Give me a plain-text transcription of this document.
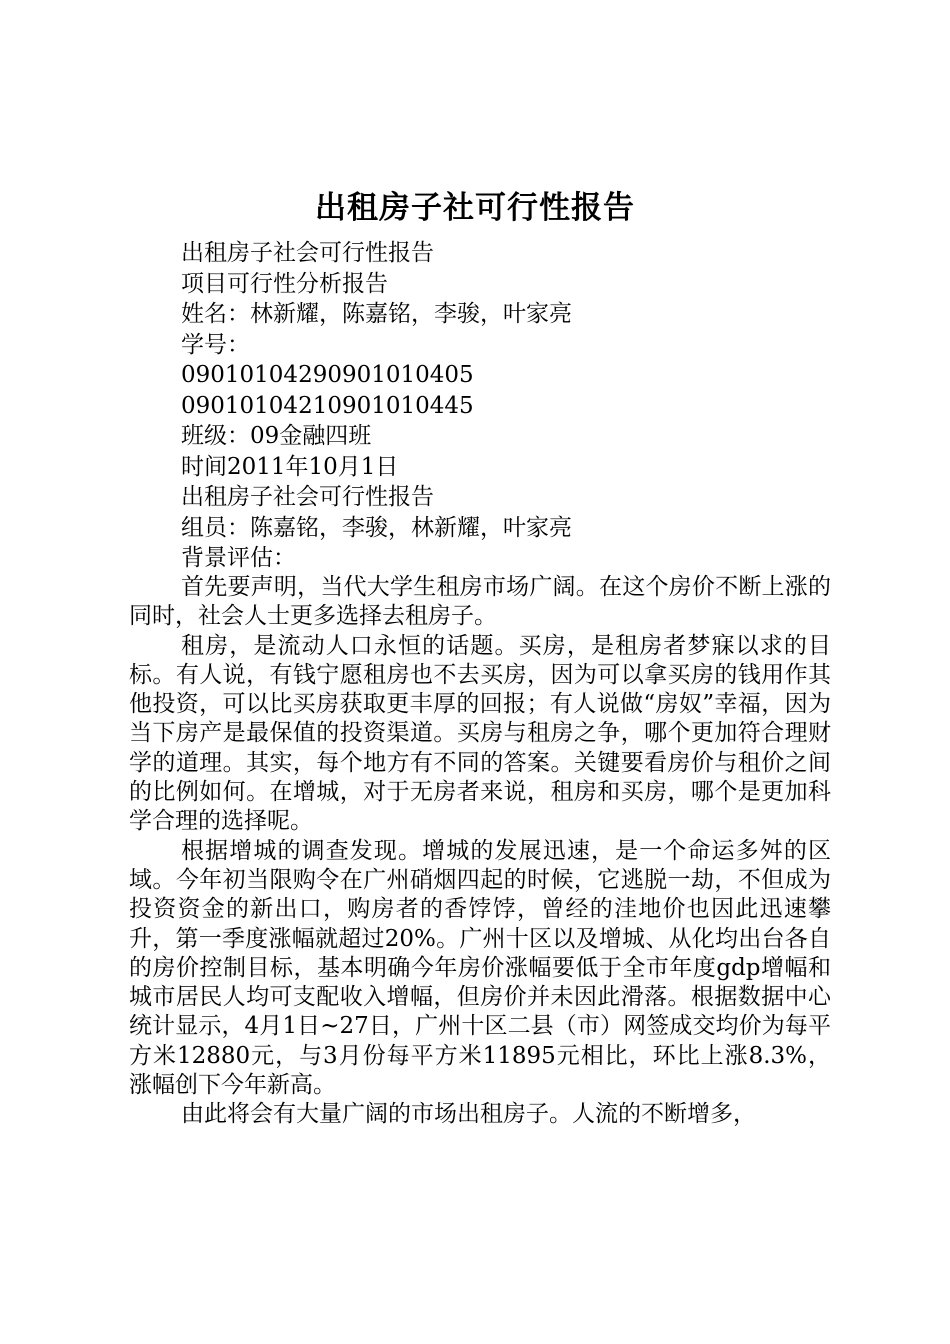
出租房子社可行性报告
出租房子社会可行性报告
项目可行性分析报告
姓名：林新耀，陈嘉铭，李骏，叶家亮
学号：
09010104290901010405
09010104210901010445
班级：09金融四班
时间2011年10月1日
出租房子社会可行性报告
组员：陈嘉铭，李骏，林新耀，叶家亮
背景评估：

首先要声明，当代大学生租房市场广阔。在这个房价不断上涨的同时，社会人士更多选择去租房子。

租房，是流动人口永恒的话题。买房，是租房者梦寐以求的目标。有人说，有钱宁愿租房也不去买房，因为可以拿买房的钱用作其他投资，可以比买房获取更丰厚的回报；有人说做“房奴”幸福，因为当下房产是最保值的投资渠道。买房与租房之争，哪个更加符合理财学的道理。其实，每个地方有不同的答案。关键要看房价与租价之间的比例如何。在增城，对于无房者来说，租房和买房，哪个是更加科学合理的选择呢。

根据增城的调查发现。增城的发展迅速，是一个命运多舛的区域。今年初当限购令在广州硝烟四起的时候，它逃脱一劫，不但成为投资资金的新出口，购房者的香饽饽，曾经的洼地价也因此迅速攀升，第一季度涨幅就超过20%。广州十区以及增城、从化均出台各自的房价控制目标，基本明确今年房价涨幅要低于全市年度gdp增幅和城市居民人均可支配收入增幅，但房价并未因此滑落。根据数据中心统计显示，4月1日~27日，广州十区二县（市）网签成交均价为每平方米12880元，与3月份每平方米11895元相比，环比上涨8.3%，涨幅创下今年新高。

由此将会有大量广阔的市场出租房子。人流的不断增多，
